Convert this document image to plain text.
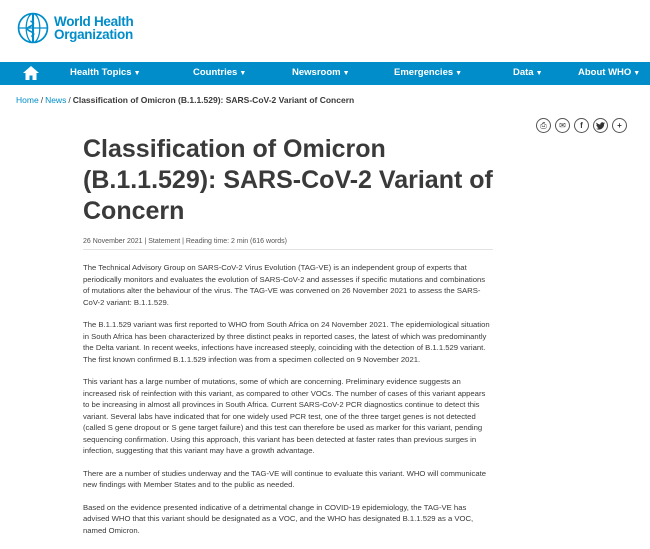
World Health
Organization
Health Topics ▼	Countries ▼	Newsroom ▼	Emergencies ▼	Data ▼	About WHO ▼
Home / News / Classification of Omicron (B.1.1.529): SARS-CoV-2 Variant of Concern
⎙	✉	f	+
Classification of Omicron (B.1.1.529): SARS-CoV-2 Variant of Concern
26 November 2021 | Statement | Reading time: 2 min (616 words)

The Technical Advisory Group on SARS-CoV-2 Virus Evolution (TAG-VE) is an independent group of experts that periodically monitors and evaluates the evolution of SARS-CoV-2 and assesses if specific mutations and combinations of mutations alter the behaviour of the virus. The TAG-VE was convened on 26 November 2021 to assess the SARS-CoV-2 variant: B.1.1.529.

The B.1.1.529 variant was first reported to WHO from South Africa on 24 November 2021. The epidemiological situation in South Africa has been characterized by three distinct peaks in reported cases, the latest of which was predominantly the Delta variant. In recent weeks, infections have increased steeply, coinciding with the detection of B.1.1.529 variant. The first known confirmed B.1.1.529 infection was from a specimen collected on 9 November 2021.

This variant has a large number of mutations, some of which are concerning. Preliminary evidence suggests an increased risk of reinfection with this variant, as compared to other VOCs. The number of cases of this variant appears to be increasing in almost all provinces in South Africa. Current SARS-CoV-2 PCR diagnostics continue to detect this variant. Several labs have indicated that for one widely used PCR test, one of the three target genes is not detected (called S gene dropout or S gene target failure) and this test can therefore be used as marker for this variant, pending sequencing confirmation. Using this approach, this variant has been detected at faster rates than previous surges in infection, suggesting that this variant may have a growth advantage.

There are a number of studies underway and the TAG-VE will continue to evaluate this variant. WHO will communicate new findings with Member States and to the public as needed.

Based on the evidence presented indicative of a detrimental change in COVID-19 epidemiology, the TAG-VE has advised WHO that this variant should be designated as a VOC, and the WHO has designated B.1.1.529 as a VOC, named Omicron.
